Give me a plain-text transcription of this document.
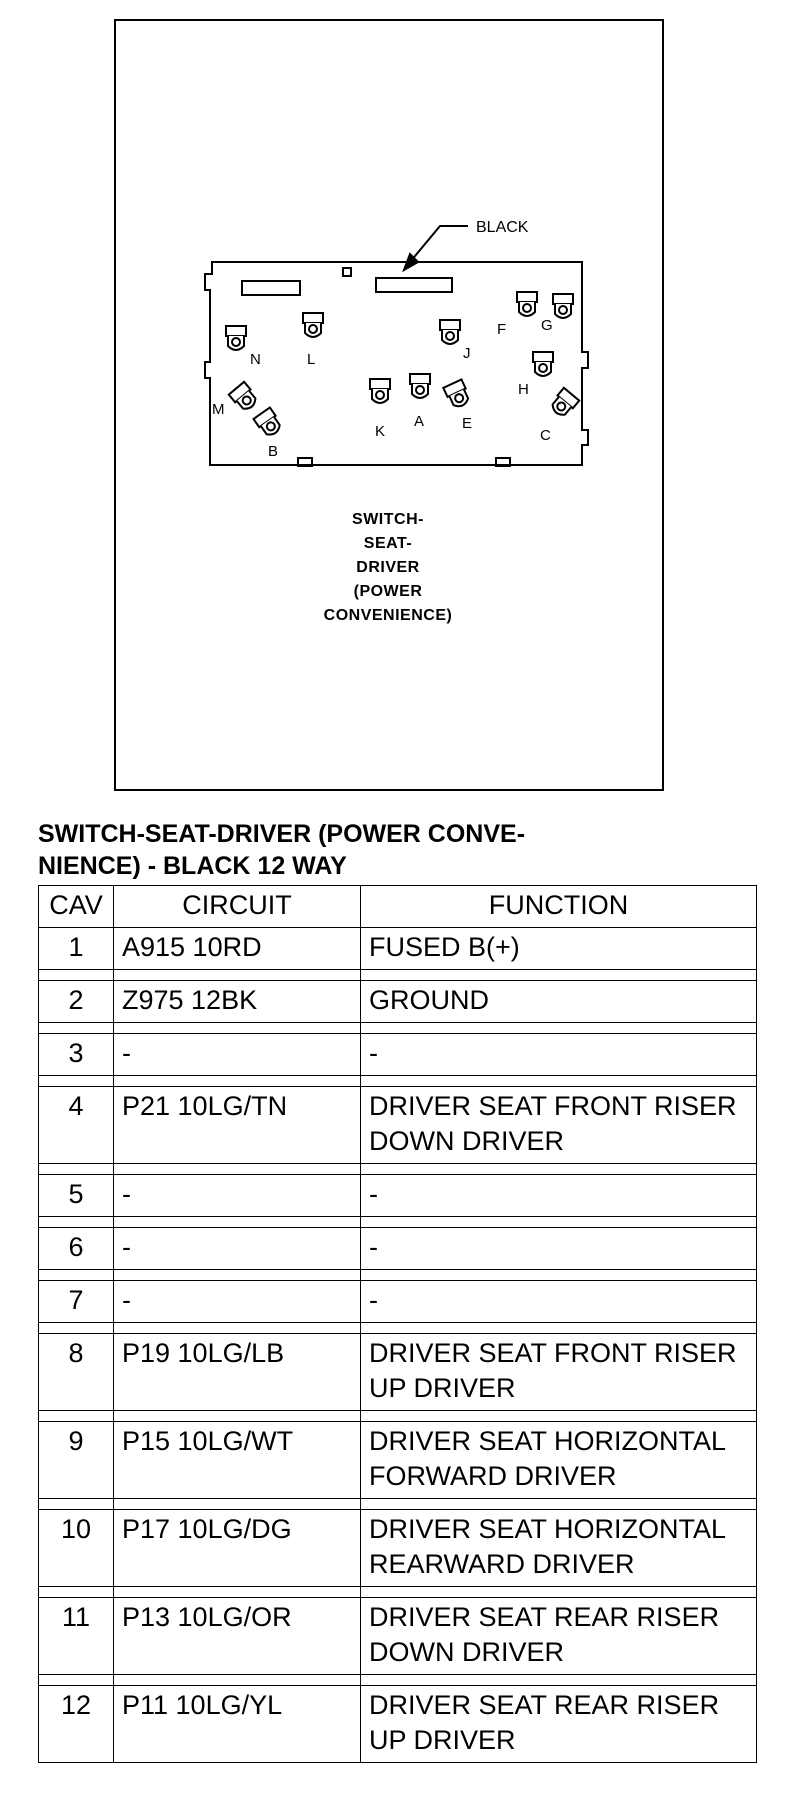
BLACK
N	L	J
F G
H
M
K
A	E
C
B
SWITCH-
SEAT-
DRIVER
(POWER
CONVENIENCE)
SWITCH-SEAT-DRIVER (POWER CONVE-
NIENCE) - BLACK 12 WAY
CAV	CIRCUIT	FUNCTION
1	A915 10RD	FUSED B(+)

2	Z975 12BK	GROUND

3	-	-

4	P21 10LG/TN	DRIVER SEAT FRONT RISER DOWN DRIVER

5	-	-

6	-	-

7	-	-

8	P19 10LG/LB	DRIVER SEAT FRONT RISER UP DRIVER

9	P15 10LG/WT	DRIVER SEAT HORIZONTAL FORWARD DRIVER

10	P17 10LG/DG	DRIVER SEAT HORIZONTAL REARWARD DRIVER

11	P13 10LG/OR	DRIVER SEAT REAR RISER DOWN DRIVER

12	P11 10LG/YL	DRIVER SEAT REAR RISER UP DRIVER
